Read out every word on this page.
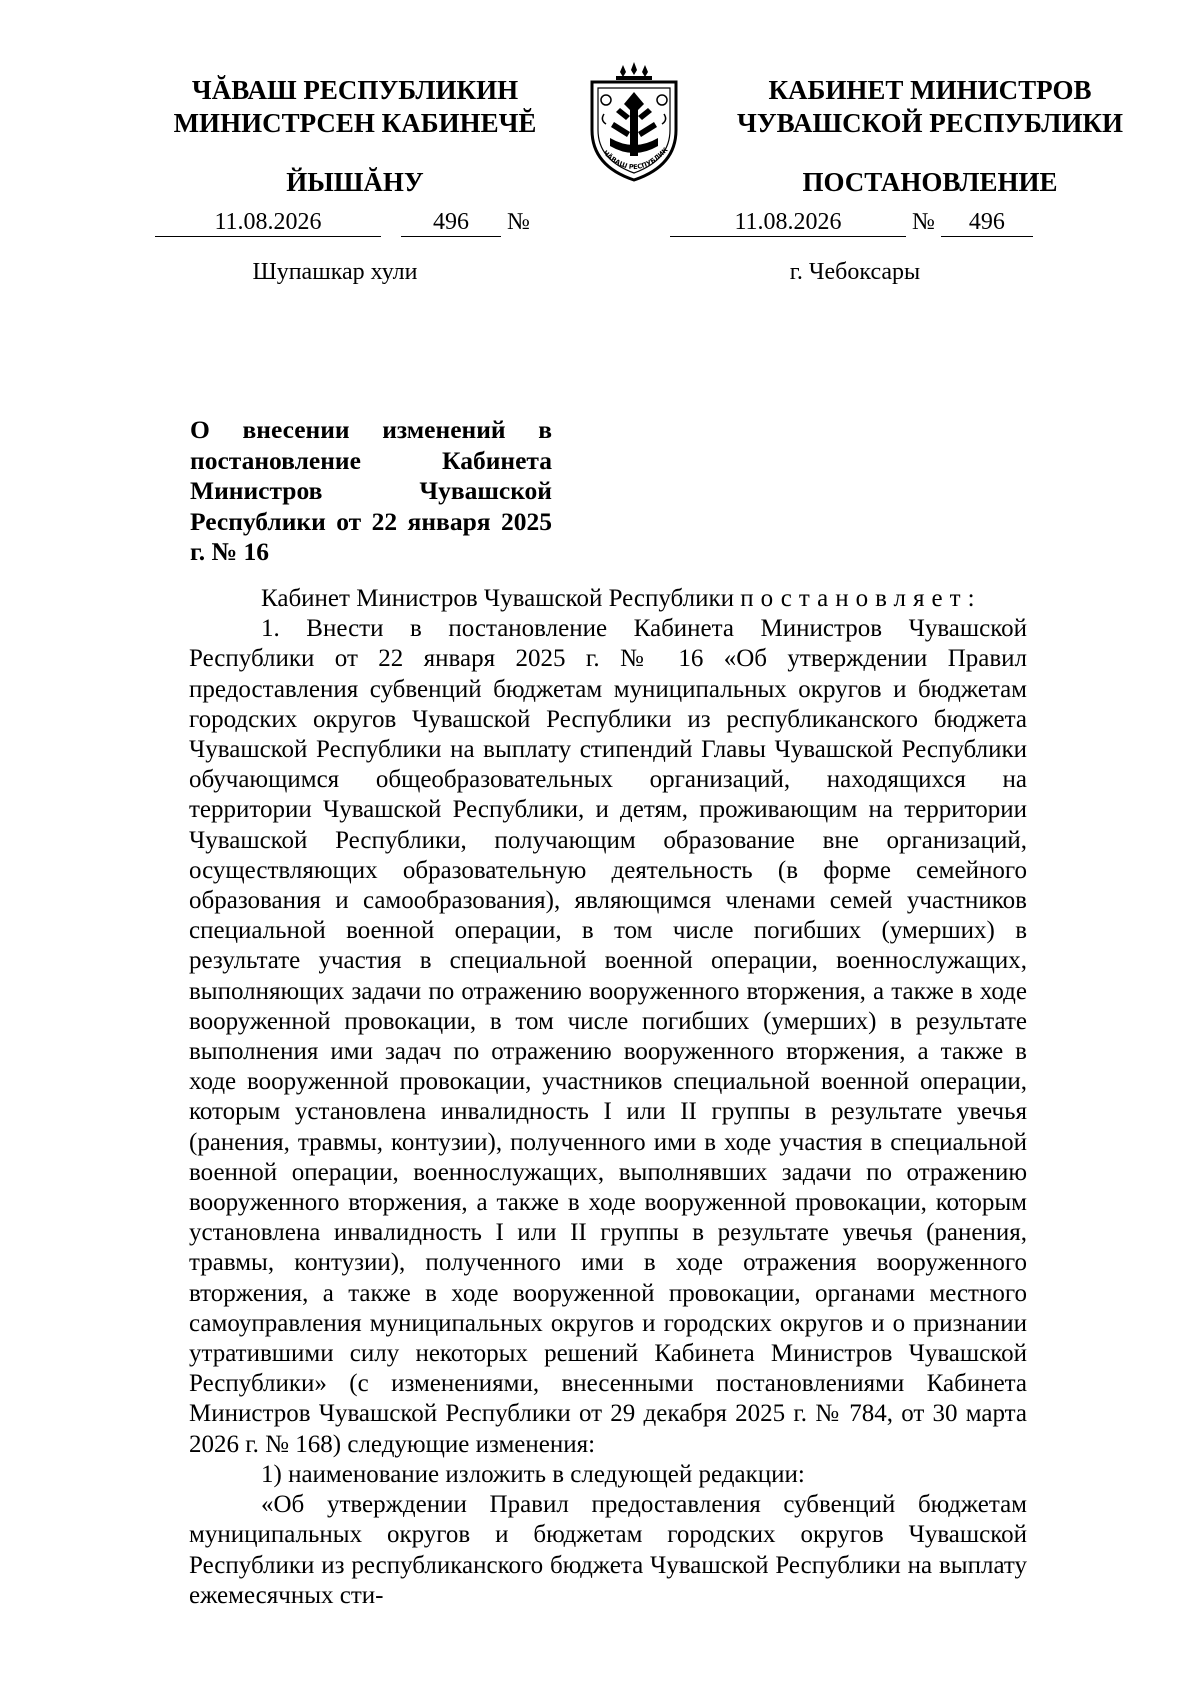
ЧĂВАШ РЕСПУБЛИКИН
МИНИСТРСЕН КАБИНЕЧĔ
ЙЫШĂНУ
КАБИНЕТ МИНИСТРОВ
ЧУВАШСКОЙ РЕСПУБЛИКИ
ПОСТАНОВЛЕНИЕ
ЧĂВАШ РЕСПУБЛИК
11.08.2026	496 №	11.08.2026	№ 496
Шупашкар хули	г. Чебоксары
О внесении изменений в постановление Кабинета Министров Чувашской Республики от 22 января 2025 г. № 16

Кабинет Министров Чувашской Республики постановляет:

1. Внести в постановление Кабинета Министров Чувашской Республики от 22 января 2025 г. № 16 «Об утверждении Правил предоставления субвенций бюджетам муниципальных округов и бюджетам городских округов Чувашской Республики из республиканского бюджета Чувашской Республики на выплату стипендий Главы Чувашской Республики обучающимся общеобразовательных организаций, находящихся на территории Чувашской Республики, и детям, проживающим на территории Чувашской Республики, получающим образование вне организаций, осуществляющих образовательную деятельность (в форме семейного образования и самообразования), являющимся членами семей участников специальной военной операции, в том числе погибших (умерших) в результате участия в специальной военной операции, военнослужащих, выполняющих задачи по отражению вооруженного вторжения, а также в ходе вооруженной провокации, в том числе погибших (умерших) в результате выполнения ими задач по отражению вооруженного вторжения, а также в ходе вооруженной провокации, участников специальной военной операции, которым установлена инвалидность I или II группы в результате увечья (ранения, травмы, контузии), полученного ими в ходе участия в специальной военной операции, военнослужащих, выполнявших задачи по отражению вооруженного вторжения, а также в ходе вооруженной провокации, которым установлена инвалидность I или II группы в результате увечья (ранения, травмы, контузии), полученного ими в ходе отражения вооруженного вторжения, а также в ходе вооруженной провокации, органами местного самоуправления муниципальных округов и городских округов и о признании утратившими силу некоторых решений Кабинета Министров Чувашской Республики» (с изменениями, внесенными постановлениями Кабинета Министров Чувашской Республики от 29 декабря 2025 г. № 784, от 30 марта 2026 г. № 168) следующие изменения:

1) наименование изложить в следующей редакции:

«Об утверждении Правил предоставления субвенций бюджетам муниципальных округов и бюджетам городских округов Чувашской Республики из республиканского бюджета Чувашской Республики на выплату ежемесячных сти-
